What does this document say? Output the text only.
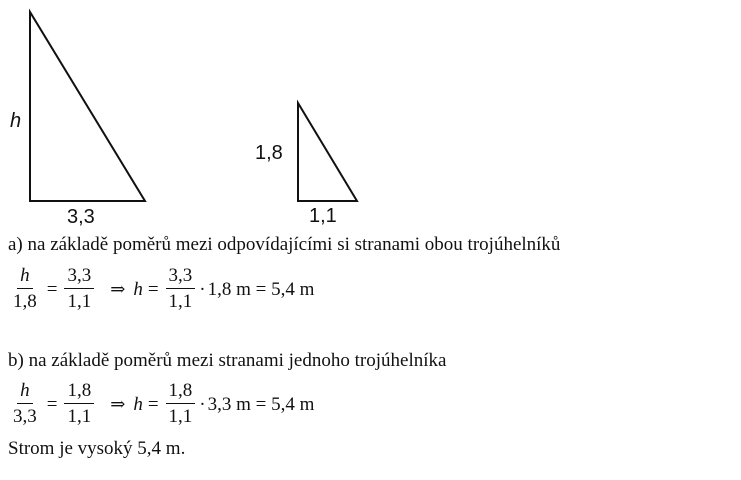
h
3,3
1,8
1,1
a) na základě poměrů mezi odpovídajícími si stranami obou trojúhelníků
$\frac{h}{1,8} = \frac{3,3}{1,1}$ ⇒ $h = \frac{3,3}{1,1} \cdot 1,8$ m = 5,4 m
b) na základě poměrů mezi stranami jednoho trojúhelníka
$\frac{h}{3,3} = \frac{1,8}{1,1}$ ⇒ $h = \frac{1,8}{1,1} \cdot 3,3$ m = 5,4 m
Strom je vysoký 5,4 m.
